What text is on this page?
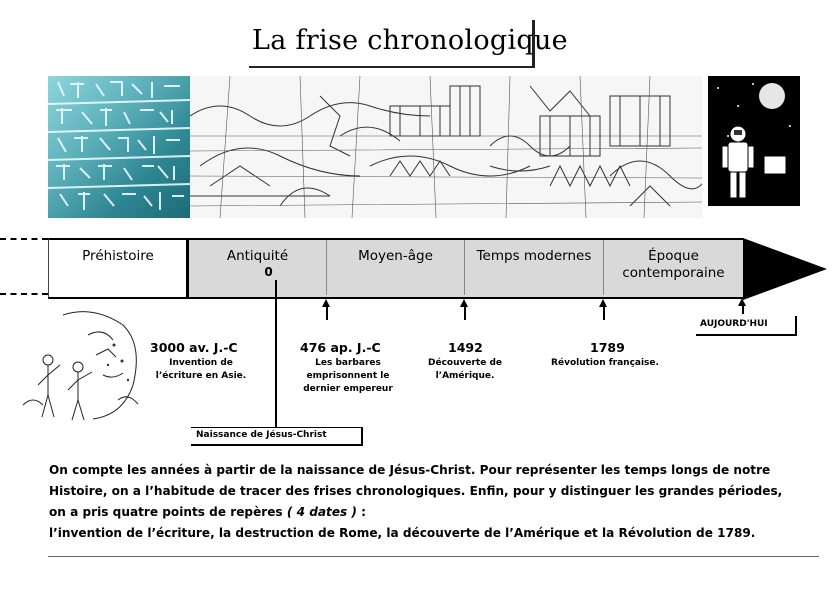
La frise chronologique
Préhistoire	Antiquité
0
Moyen-âge	Temps modernes	Époque
contemporaine
3000 av. J.-C
Invention de
l’écriture en Asie.
476 ap. J.-C
Les barbares
emprisonnent le
dernier empereur
1492
Découverte de
l’Amérique.
1789
Révolution française.
AUJOURD'HUI
Naissance de Jésus-Christ
On compte les années à partir de la naissance de Jésus-Christ. Pour représenter les temps longs de notre
Histoire, on a l’habitude de tracer des frises chronologiques. Enfin, pour y distinguer les grandes périodes,
on a pris quatre points de repères ( 4 dates ) :
l’invention de l’écriture, la destruction de Rome, la découverte de l’Amérique et la Révolution de 1789.
